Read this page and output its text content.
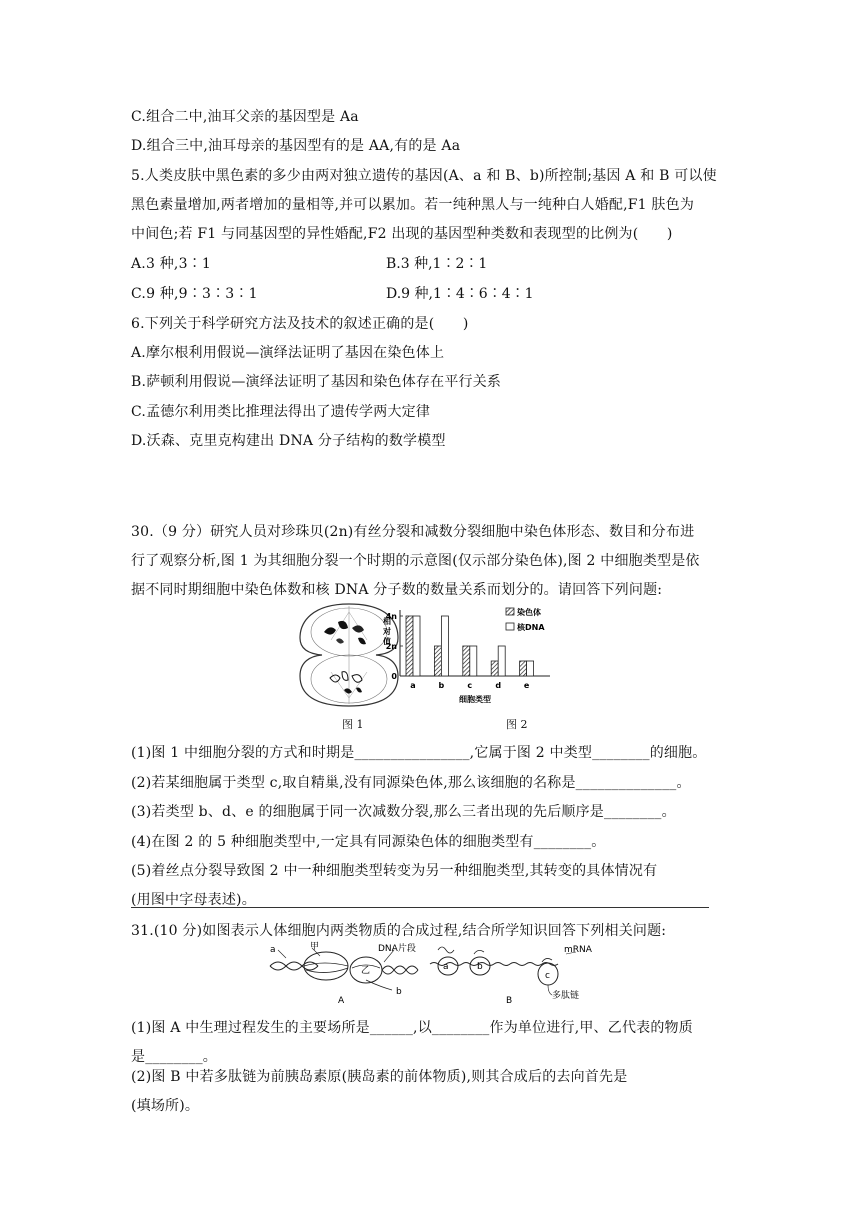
C.组合二中,油耳父亲的基因型是 Aa
D.组合三中,油耳母亲的基因型有的是 AA,有的是 Aa
5.人类皮肤中黑色素的多少由两对独立遗传的基因(A、a 和 B、b)所控制;基因 A 和 B 可以使
黑色素量增加,两者增加的量相等,并可以累加。若一纯种黑人与一纯种白人婚配,F1 肤色为
中间色;若 F1 与同基因型的异性婚配,F2 出现的基因型种类数和表现型的比例为(　　)
A.3 种,3∶1	B.3 种,1∶2∶1
C.9 种,9∶3∶3∶1	D.9 种,1∶4∶6∶4∶1
6.下列关于科学研究方法及技术的叙述正确的是(　　)
A.摩尔根利用假说—演绎法证明了基因在染色体上
B.萨顿利用假说—演绎法证明了基因和染色体存在平行关系
C.孟德尔利用类比推理法得出了遗传学两大定律
D.沃森、克里克构建出 DNA 分子结构的数学模型
30.（9 分）研究人员对珍珠贝(2n)有丝分裂和减数分裂细胞中染色体形态、数目和分布进
行了观察分析,图 1 为其细胞分裂一个时期的示意图(仅示部分染色体),图 2 中细胞类型是依
据不同时期细胞中染色体数和核 DNA 分子数的数量关系而划分的。请回答下列问题:
图 1
0
2n
4n
相
对
值
细胞类型
a	b	c	d	e
染色体
核DNA
图 2
(1)图 1 中细胞分裂的方式和时期是________________,它属于图 2 中类型________的细胞。
(2)若某细胞属于类型 c,取自精巢,没有同源染色体,那么该细胞的名称是______________。
(3)若类型 b、d、e 的细胞属于同一次减数分裂,那么三者出现的先后顺序是________。
(4)在图 2 的 5 种细胞类型中,一定具有同源染色体的细胞类型有________。
(5)着丝点分裂导致图 2 中一种细胞类型转变为另一种细胞类型,其转变的具体情况有
(用图中字母表述)。
31.(10 分)如图表示人体细胞内两类物质的合成过程,结合所学知识回答下列相关问题:
a	甲	DNA片段
乙
b
A
a	b
c
mRNA
多肽链
B
(1)图 A 中生理过程发生的主要场所是______,以________作为单位进行,甲、乙代表的物质
是________。
(2)图 B 中若多肽链为前胰岛素原(胰岛素的前体物质),则其合成后的去向首先是
(填场所)。
